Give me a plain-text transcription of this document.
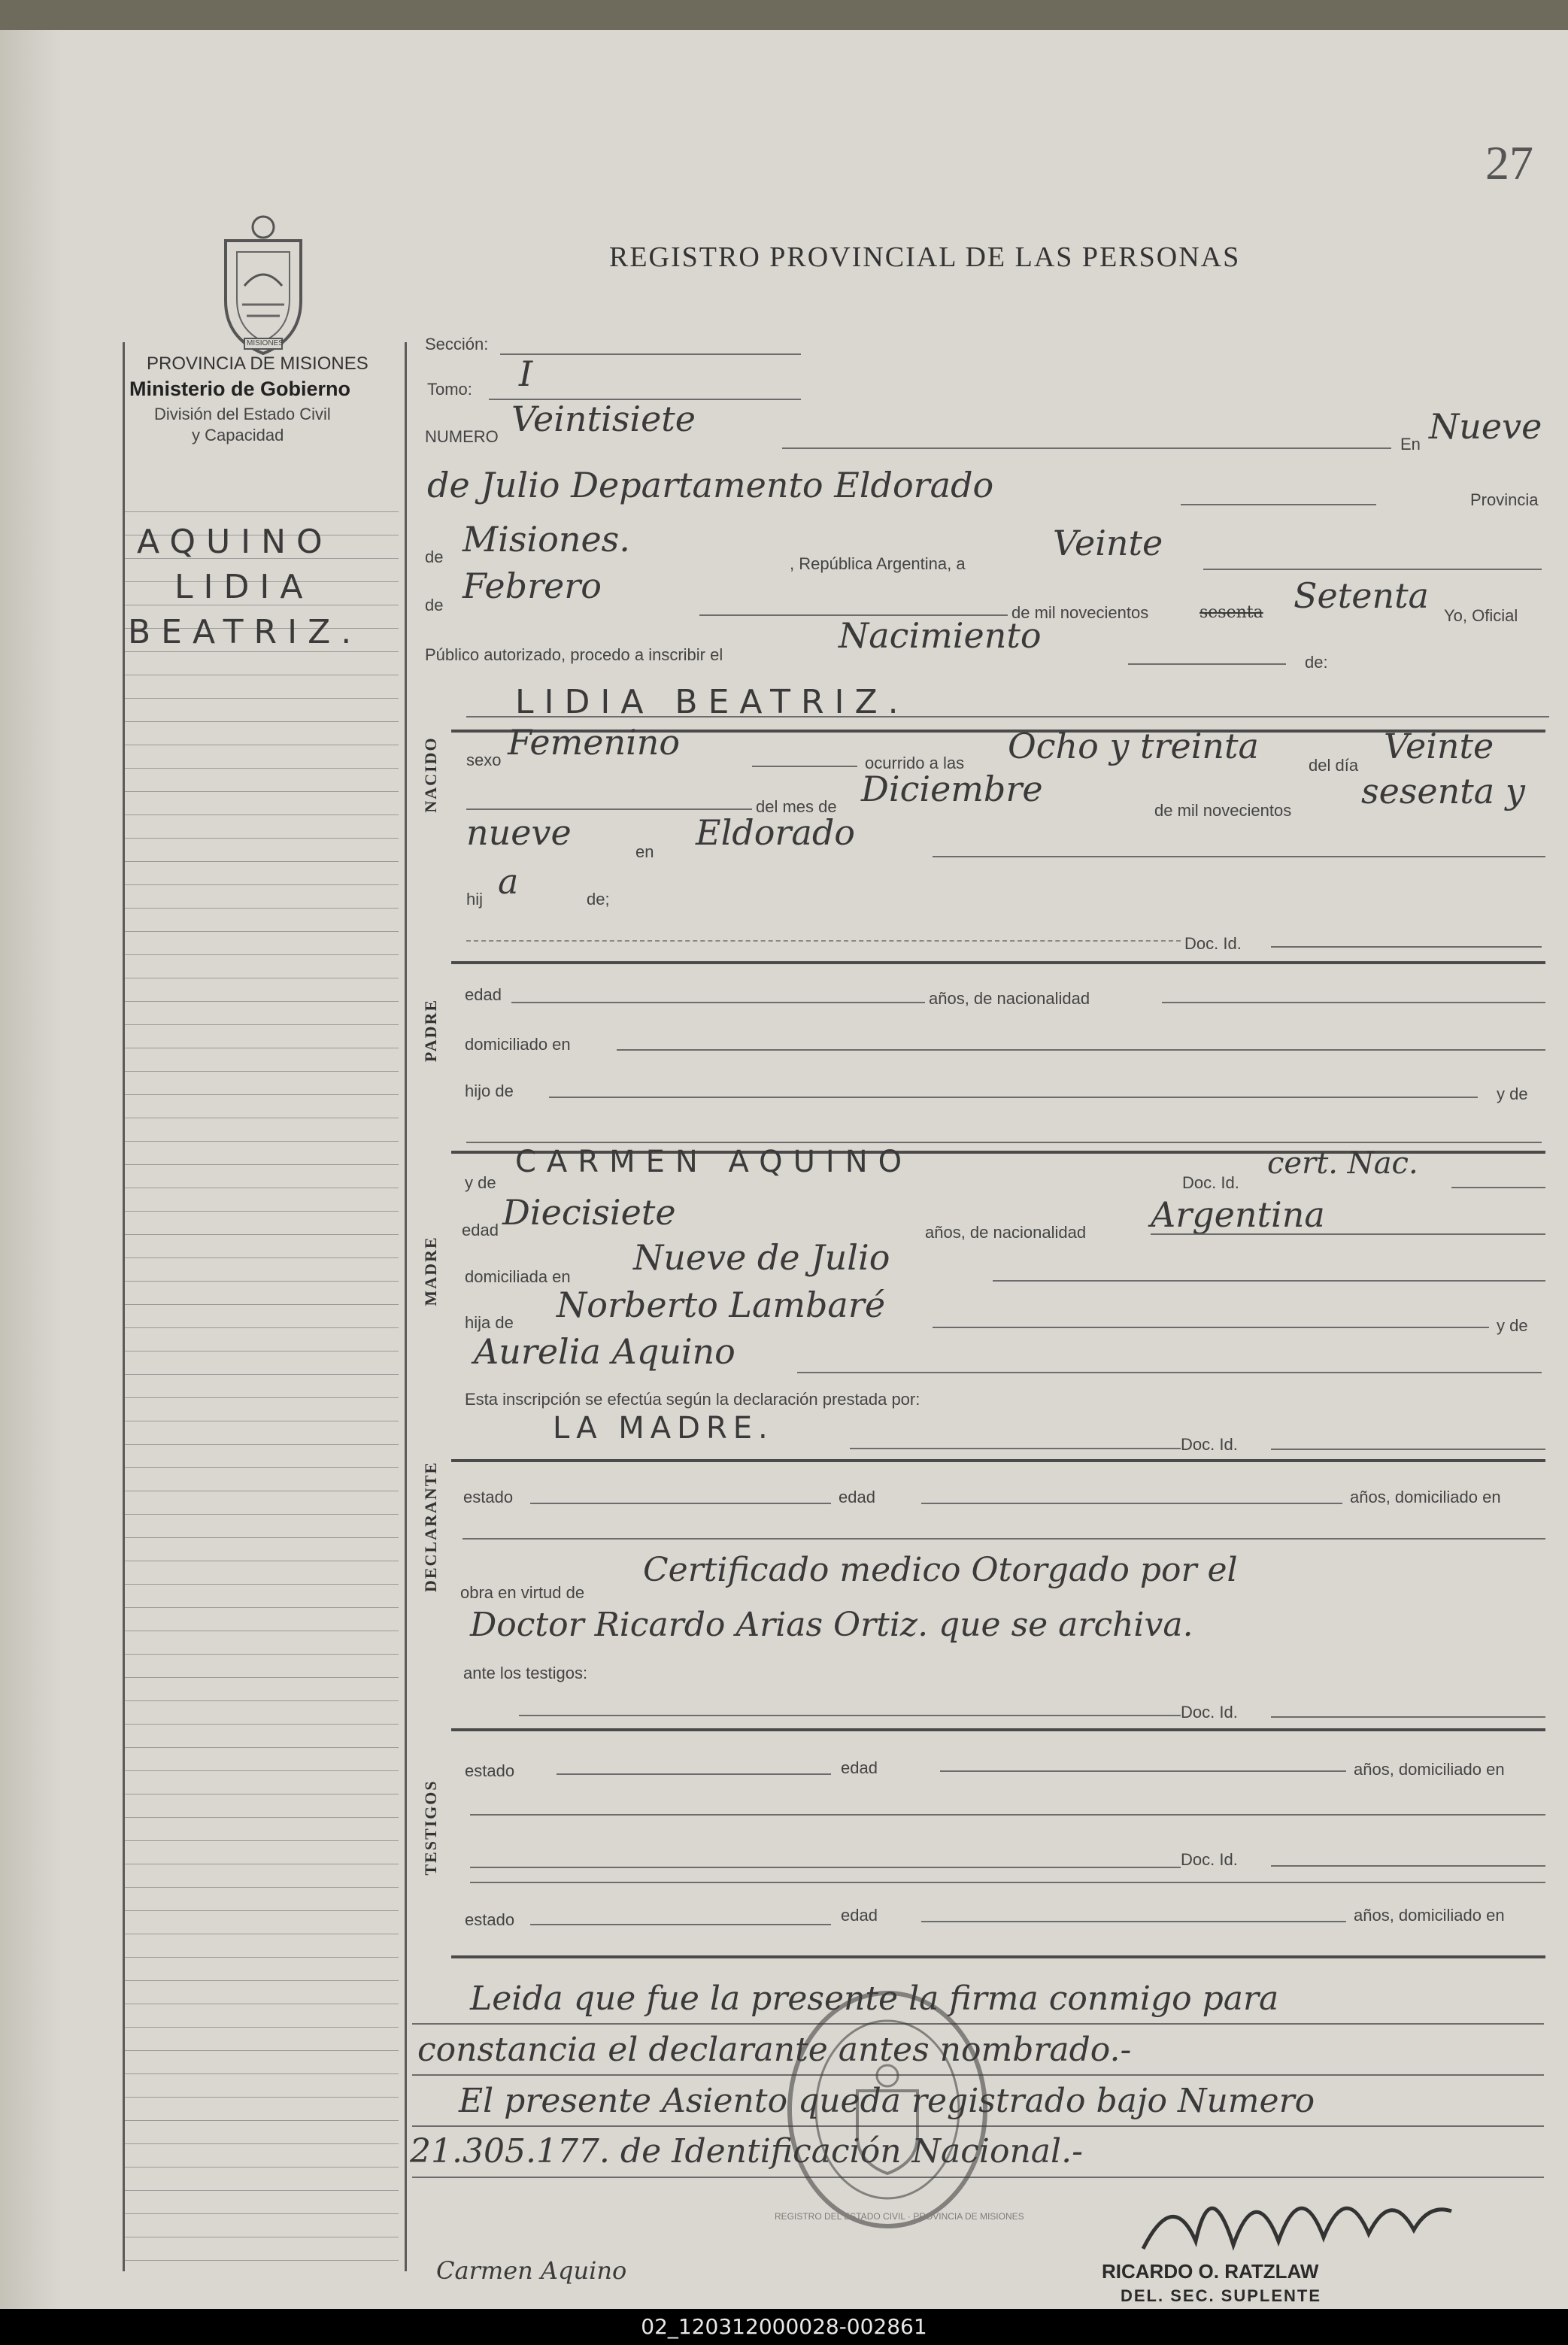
27
REGISTRO PROVINCIAL DE LAS PERSONAS
MISIONES
PROVINCIA DE MISIONES
Ministerio de Gobierno
División del Estado Civil
y Capacidad
AQUINO
LIDIA
BEATRIZ.
Sección:
Tomo: I
NUMERO Veintisiete
En Nueve
de Julio Departamento Eldorado	Provincia
de Misiones.
, República Argentina, a
Veinte
de Febrero
de mil novecientos	sesenta Setenta Yo, Oficial
Público autorizado, procedo a inscribir el	Nacimiento
de:
LIDIA BEATRIZ.
NACIDO sexo Femenino
ocurrido a las Ocho y treinta	del día Veinte
del mes de Diciembre
de mil novecientos sesenta y
nueve	en Eldorado
hij a	de;
Doc. Id.
PADRE
edad	años, de nacionalidad
domiciliado en
hijo de	y de
MADRE
y de
CARMEN AQUINO
Doc. Id.
cert. Nac.
edad Diecisiete	años, de nacionalidad Argentina
domiciliada en Nueve de Julio
hija de Norberto Lambaré
y de
Aurelia Aquino
Esta inscripción se efectúa según la declaración prestada por:
LA MADRE.	Doc. Id.
DECLARANTE estado	edad	años, domiciliado en
obra en virtud de
Certificado medico Otorgado por el
Doctor Ricardo Arias Ortiz. que se archiva.
ante los testigos:
Doc. Id.
TESTIGOS
estado	edad	años, domiciliado en
Doc. Id.
estado	edad	años, domiciliado en
Leida que fue la presente la firma conmigo para
constancia el declarante antes nombrado.-
El presente Asiento queda registrado bajo Numero
21.305.177. de Identificación Nacional.-
REGISTRO DEL ESTADO CIVIL · PROVINCIA DE MISIONES
Carmen Aquino	RICARDO O. RATZLAW
DEL. SEC. SUPLENTE
02_120312000028-002861
